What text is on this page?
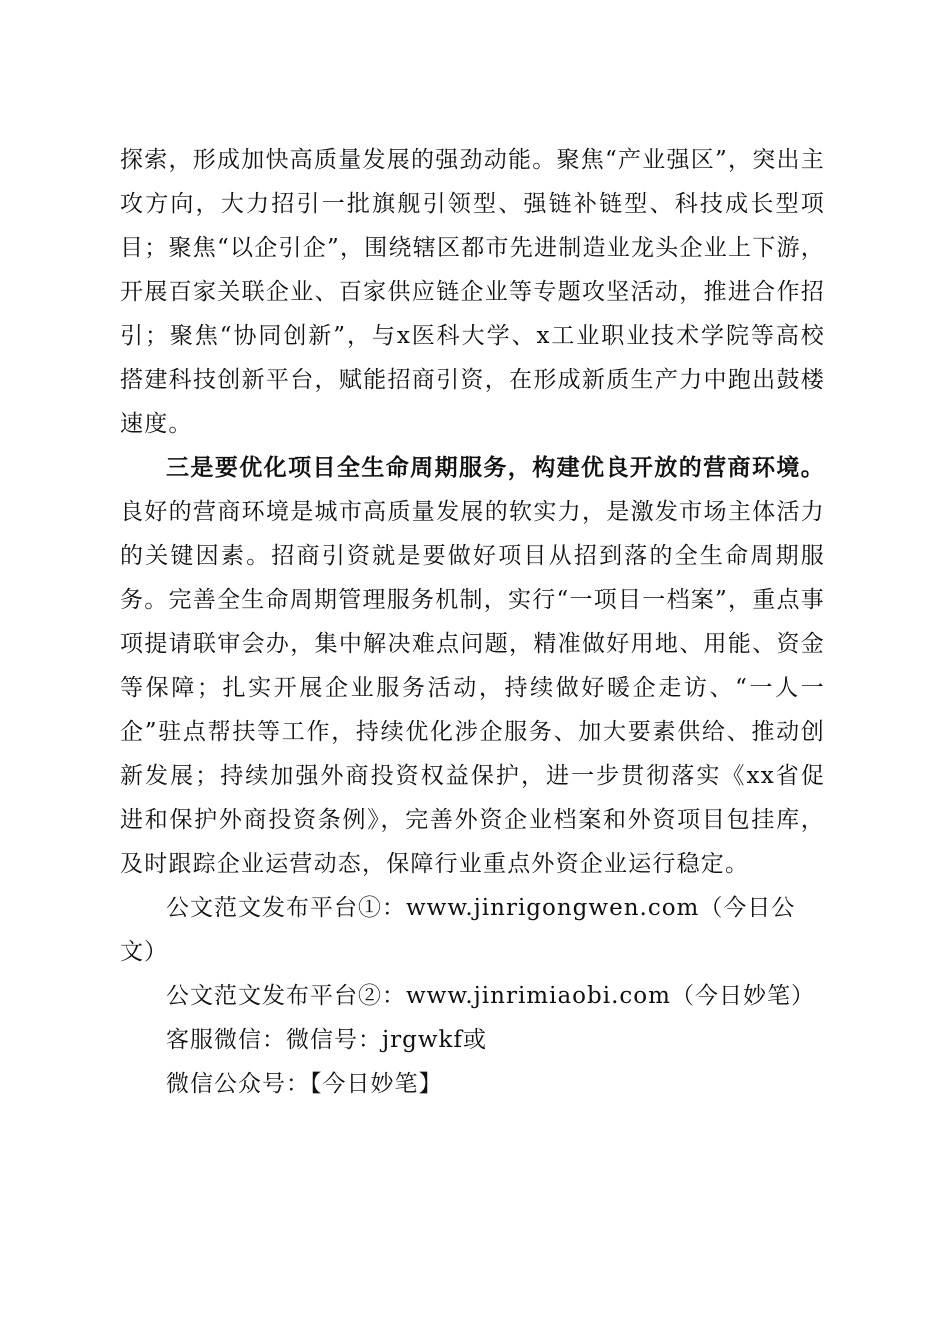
探索，形成加快高质量发展的强劲动能。聚焦“产业强区”，突出主攻方向，大力招引一批旗舰引领型、强链补链型、科技成长型项目；聚焦“以企引企”，围绕辖区都市先进制造业龙头企业上下游，开展百家关联企业、百家供应链企业等专题攻坚活动，推进合作招引；聚焦“协同创新”，与x医科大学、x工业职业技术学院等高校搭建科技创新平台，赋能招商引资，在形成新质生产力中跑出鼓楼速度。

三是要优化项目全生命周期服务，构建优良开放的营商环境。良好的营商环境是城市高质量发展的软实力，是激发市场主体活力的关键因素。招商引资就是要做好项目从招到落的全生命周期服务。完善全生命周期管理服务机制，实行“一项目一档案”，重点事项提请联审会办，集中解决难点问题，精准做好用地、用能、资金等保障；扎实开展企业服务活动，持续做好暖企走访、“一人一企”驻点帮扶等工作，持续优化涉企服务、加大要素供给、推动创新发展；持续加强外商投资权益保护，进一步贯彻落实《xx省促进和保护外商投资条例》，完善外资企业档案和外资项目包挂库，及时跟踪企业运营动态，保障行业重点外资企业运行稳定。

公文范文发布平台①：www.jinrigongwen.com（今日公文）

公文范文发布平台②：www.jinrimiaobi.com（今日妙笔）

客服微信：微信号：jrgwkf或

微信公众号：【今日妙笔】
